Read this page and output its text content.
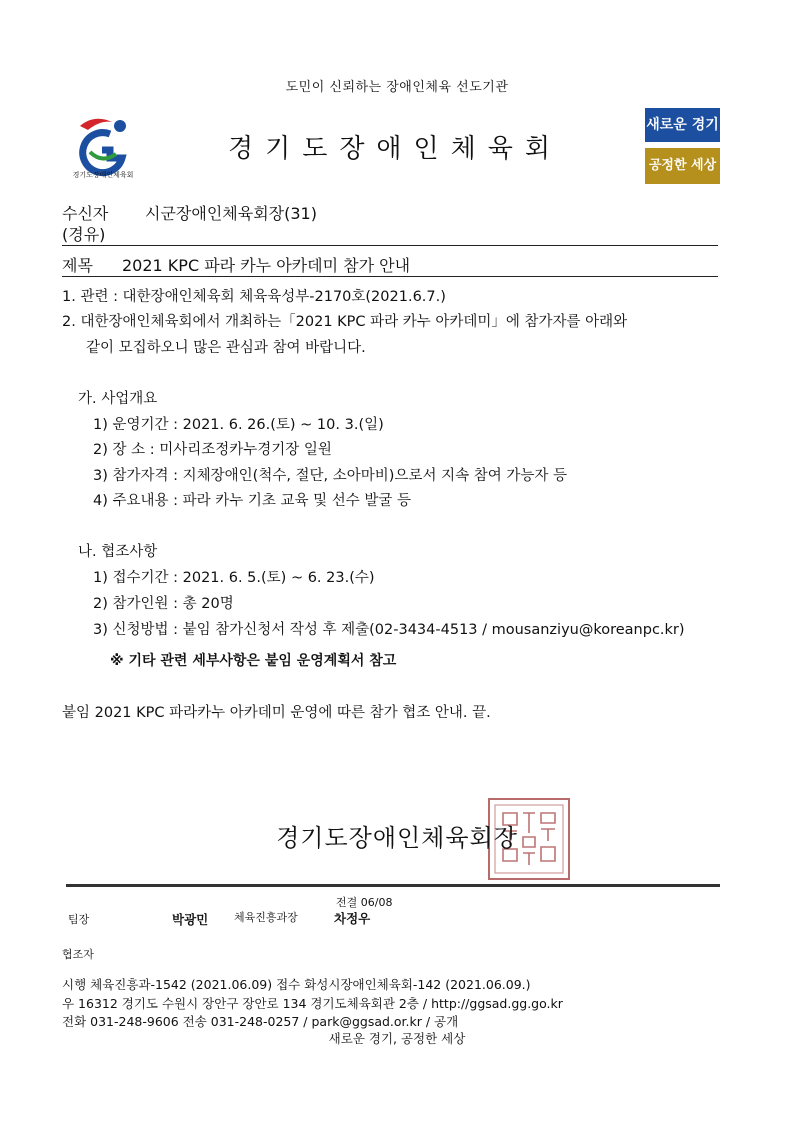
도민이 신뢰하는 장애인체육 선도기관
경기도장애인체육회
경기도장애인체육회
새로운 경기
공정한 세상
수신자 시군장애인체육회장(31)
(경유)
제목 2021 KPC 파라 카누 아카데미 참가 안내
1. 관련 : 대한장애인체육회 체육육성부-2170호(2021.6.7.)
2. 대한장애인체육회에서 개최하는「2021 KPC 파라 카누 아카데미」에 참가자를 아래와
같이 모집하오니 많은 관심과 참여 바랍니다.
가. 사업개요
1) 운영기간 : 2021. 6. 26.(토) ~ 10. 3.(일)
2) 장 소 : 미사리조정카누경기장 일원
3) 참가자격 : 지체장애인(척수, 절단, 소아마비)으로서 지속 참여 가능자 등
4) 주요내용 : 파라 카누 기초 교육 및 선수 발굴 등
나. 협조사항
1) 접수기간 : 2021. 6. 5.(토) ~ 6. 23.(수)
2) 참가인원 : 총 20명
3) 신청방법 : 붙임 참가신청서 작성 후 제출(02-3434-4513 / mousanziyu@koreanpc.kr)
※ 기타 관련 세부사항은 붙임 운영계획서 참고
붙임 2021 KPC 파라카누 아카데미 운영에 따른 참가 협조 안내. 끝.
경기도장애인체육회장
팀장	박광민 체육진흥과장
전결 06/08
차정우
협조자
시행 체육진흥과-1542 (2021.06.09) 접수 화성시장애인체육회-142 (2021.06.09.)
우 16312 경기도 수원시 장안구 장안로 134 경기도체육회관 2층 / http://ggsad.gg.go.kr
전화 031-248-9606 전송 031-248-0257 / park@ggsad.or.kr / 공개
새로운 경기, 공정한 세상
